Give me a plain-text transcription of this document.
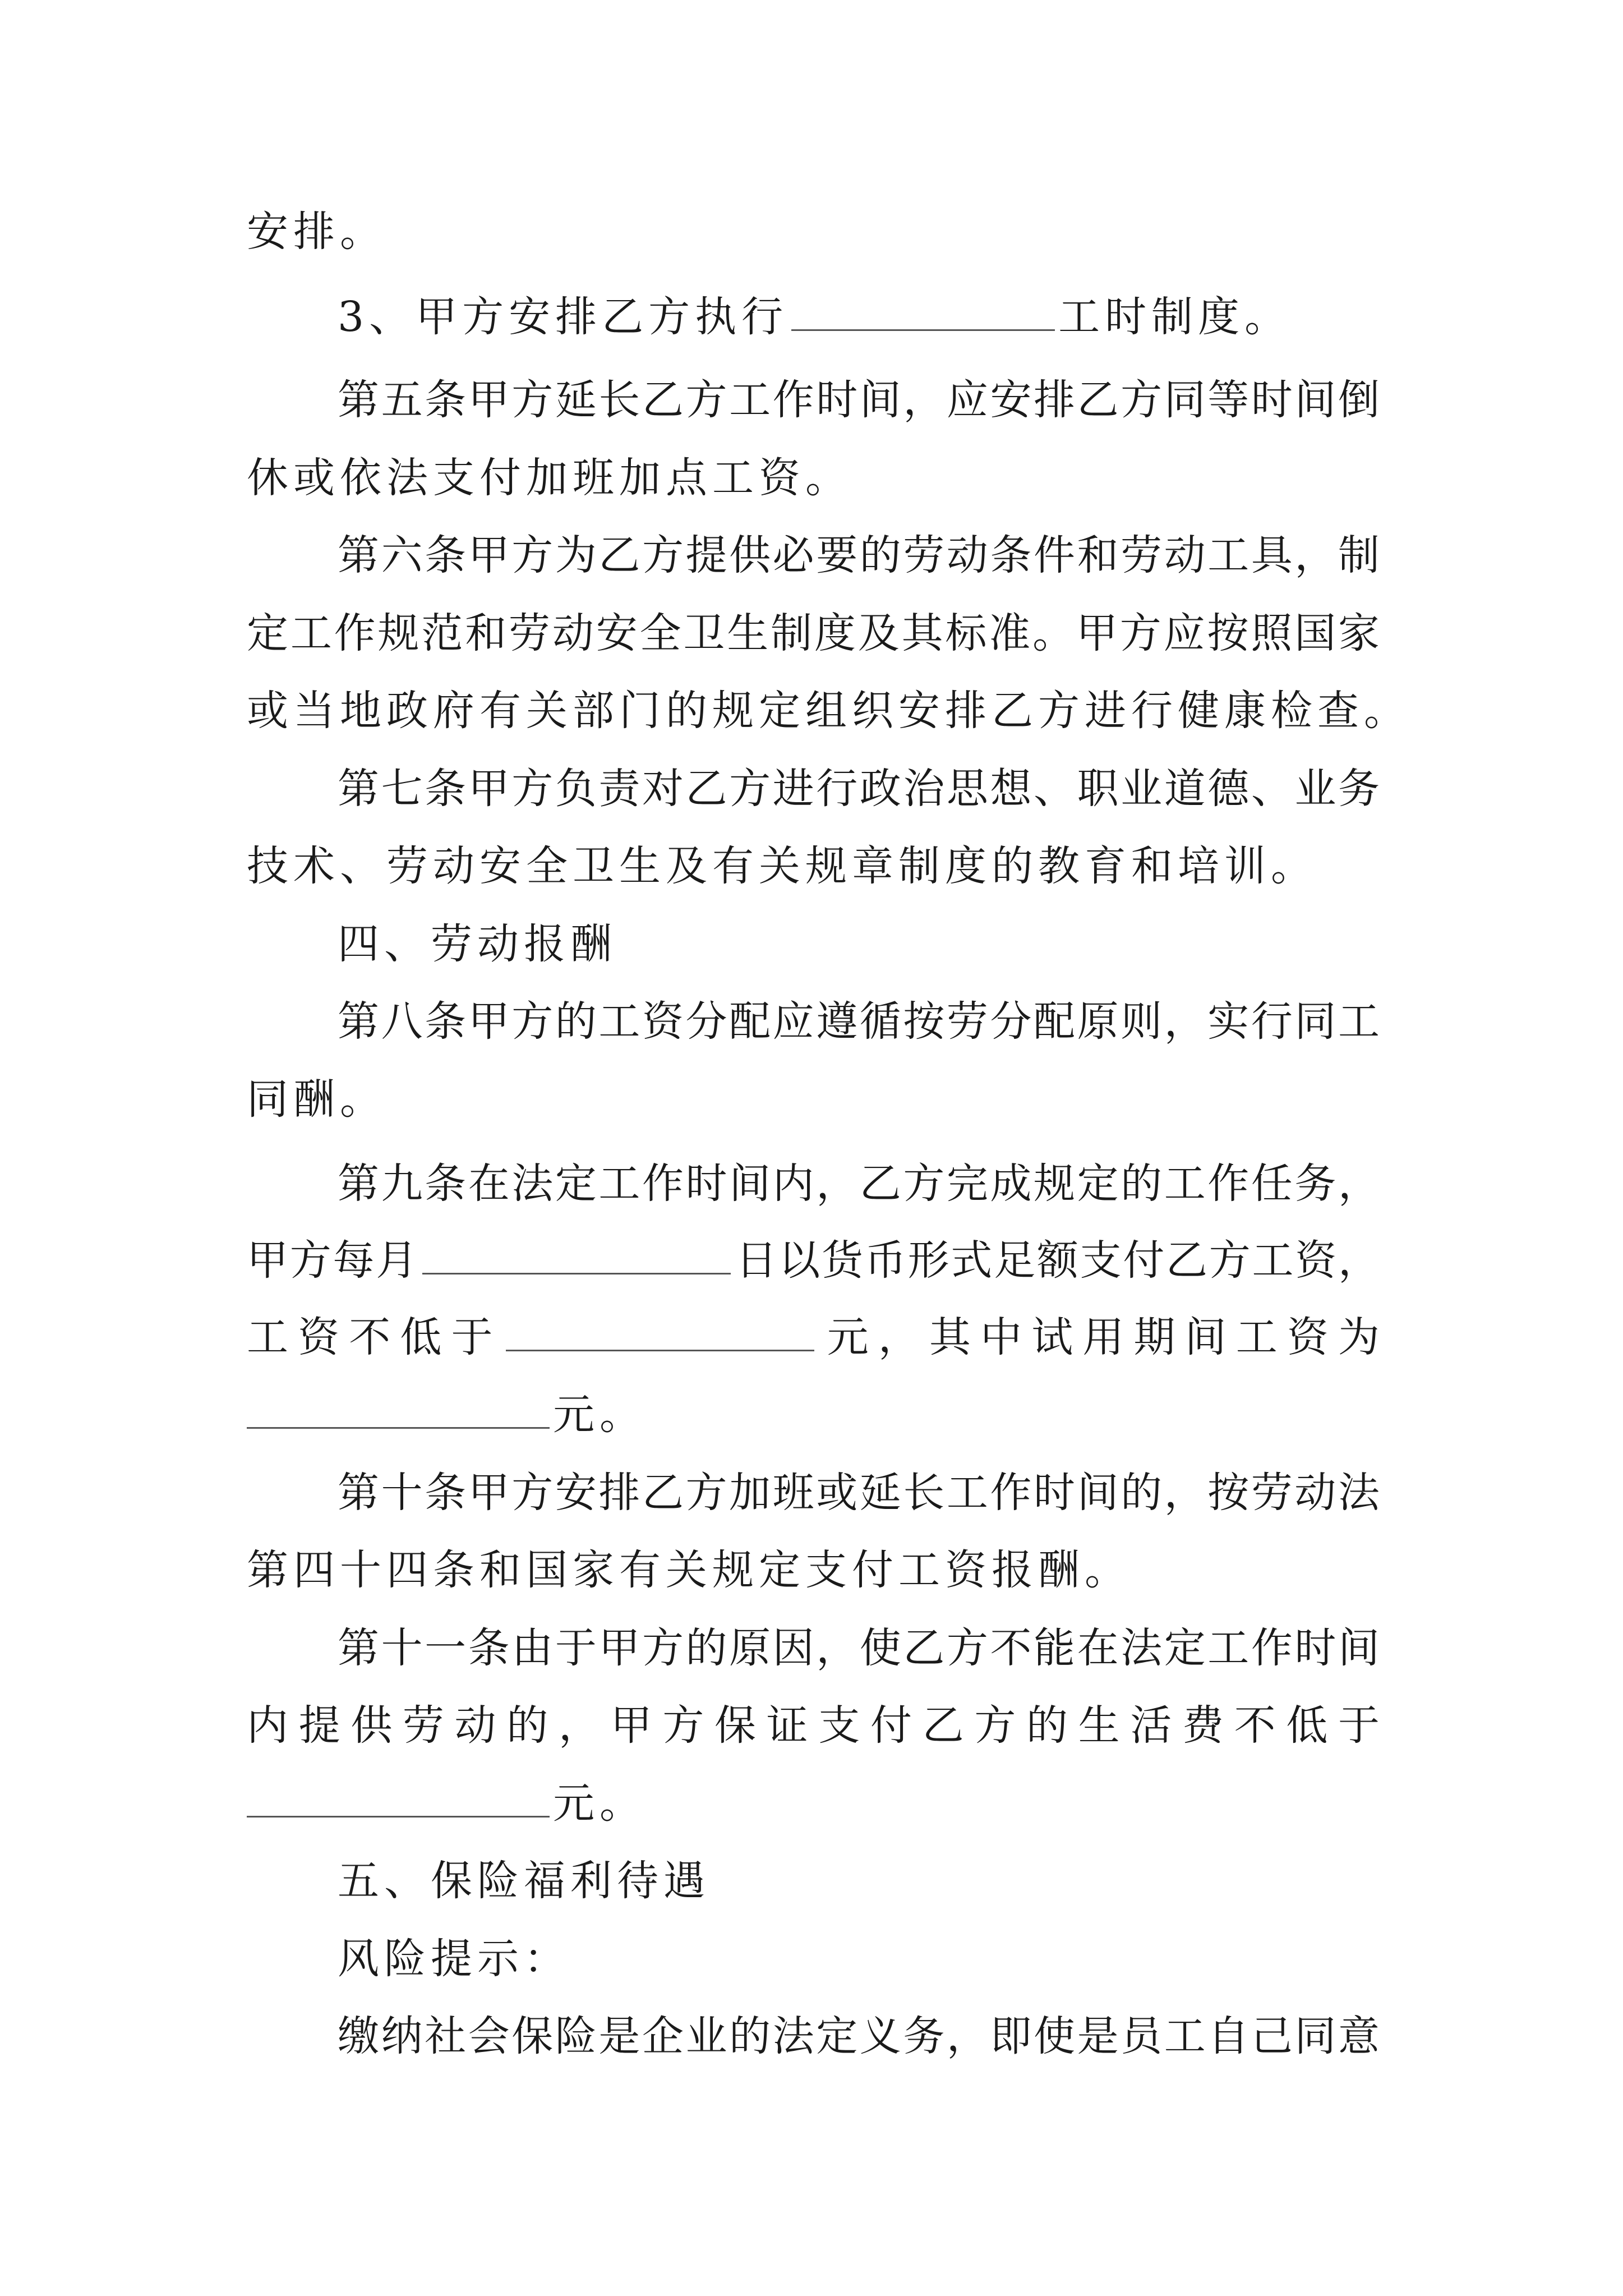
安排。
3、甲方安排乙方执行	工时制度。
第五条甲方延长乙方工作时间，应安排乙方同等时间倒
休或依法支付加班加点工资。
第六条甲方为乙方提供必要的劳动条件和劳动工具，制
定工作规范和劳动安全卫生制度及其标准。甲方应按照国家
或当地政府有关部门的规定组织安排乙方进行健康检查。
第七条甲方负责对乙方进行政治思想、职业道德、业务
技术、劳动安全卫生及有关规章制度的教育和培训。
四、劳动报酬
第八条甲方的工资分配应遵循按劳分配原则，实行同工
同酬。
第九条在法定工作时间内，乙方完成规定的工作任务，
甲方每月	日以货币形式足额支付乙方工资，
工资不低于	元，其中试用期间工资为
元。
第十条甲方安排乙方加班或延长工作时间的，按劳动法
第四十四条和国家有关规定支付工资报酬。
第十一条由于甲方的原因，使乙方不能在法定工作时间
内提供劳动的，甲方保证支付乙方的生活费不低于
元。
五、保险福利待遇
风险提示：
缴纳社会保险是企业的法定义务，即使是员工自己同意
